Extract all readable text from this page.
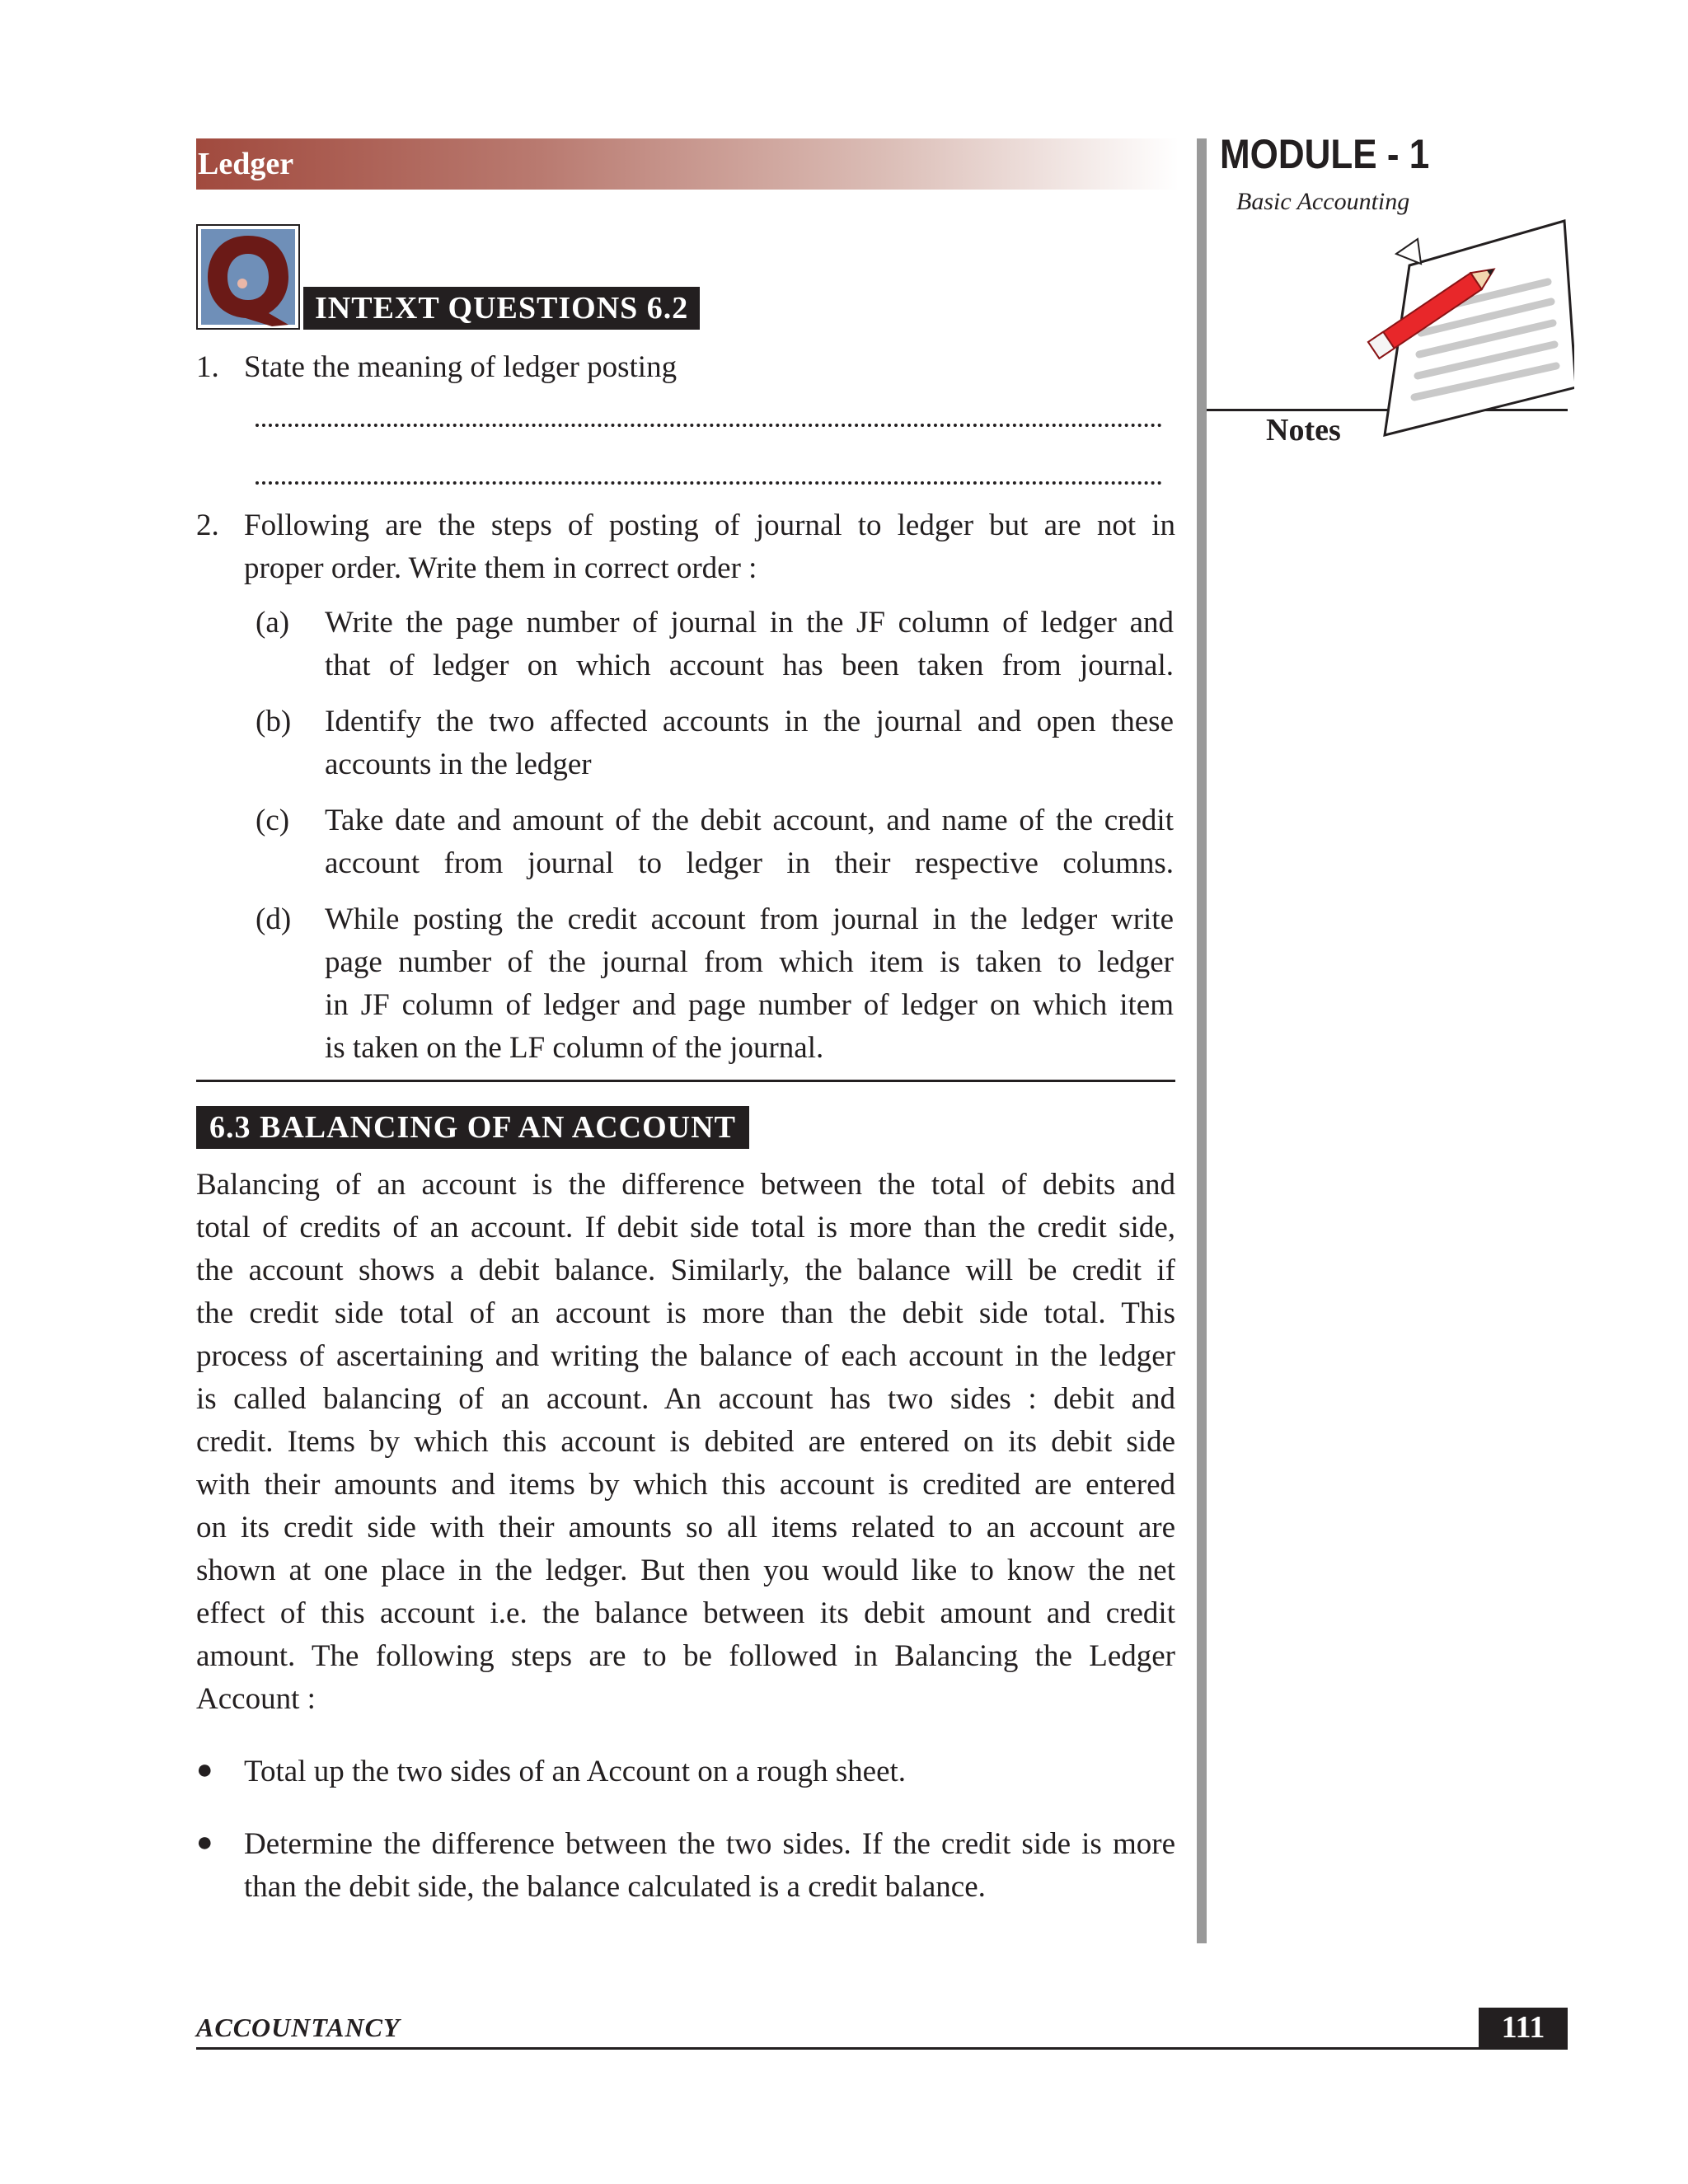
Ledger	MODULE - 1
Basic Accounting
Notes
INTEXT QUESTIONS 6.2
1. State the meaning of ledger posting
2. Following are the steps of posting of journal to ledger but are not in
proper order. Write them in correct order :
(a) Write the page number of journal in the JF column of ledger and
that of ledger on which account has been taken from journal.
(b) Identify the two affected accounts in the journal and open these
accounts in the ledger
(c) Take date and amount of the debit account, and name of the credit
account from journal to ledger in their respective columns.
(d) While posting the credit account from journal in the ledger write
page number of the journal from which item is taken to ledger
in JF column of ledger and page number of ledger on which item
is taken on the LF column of the journal.
6.3 BALANCING OF AN ACCOUNT
Balancing of an account is the difference between the total of debits and
total of credits of an account. If debit side total is more than the credit side,
the account shows a debit balance. Similarly, the balance will be credit if
the credit side total of an account is more than the debit side total. This
process of ascertaining and writing the balance of each account in the ledger
is called balancing of an account. An account has two sides : debit and
credit. Items by which this account is debited are entered on its debit side
with their amounts and items by which this account is credited are entered
on its credit side with their amounts so all items related to an account are
shown at one place in the ledger. But then you would like to know the net
effect of this account i.e. the balance between its debit amount and credit
amount. The following steps are to be followed in Balancing the Ledger
Account :
● Total up the two sides of an Account on a rough sheet.
● Determine the difference between the two sides. If the credit side is more
than the debit side, the balance calculated is a credit balance.
ACCOUNTANCY	111
